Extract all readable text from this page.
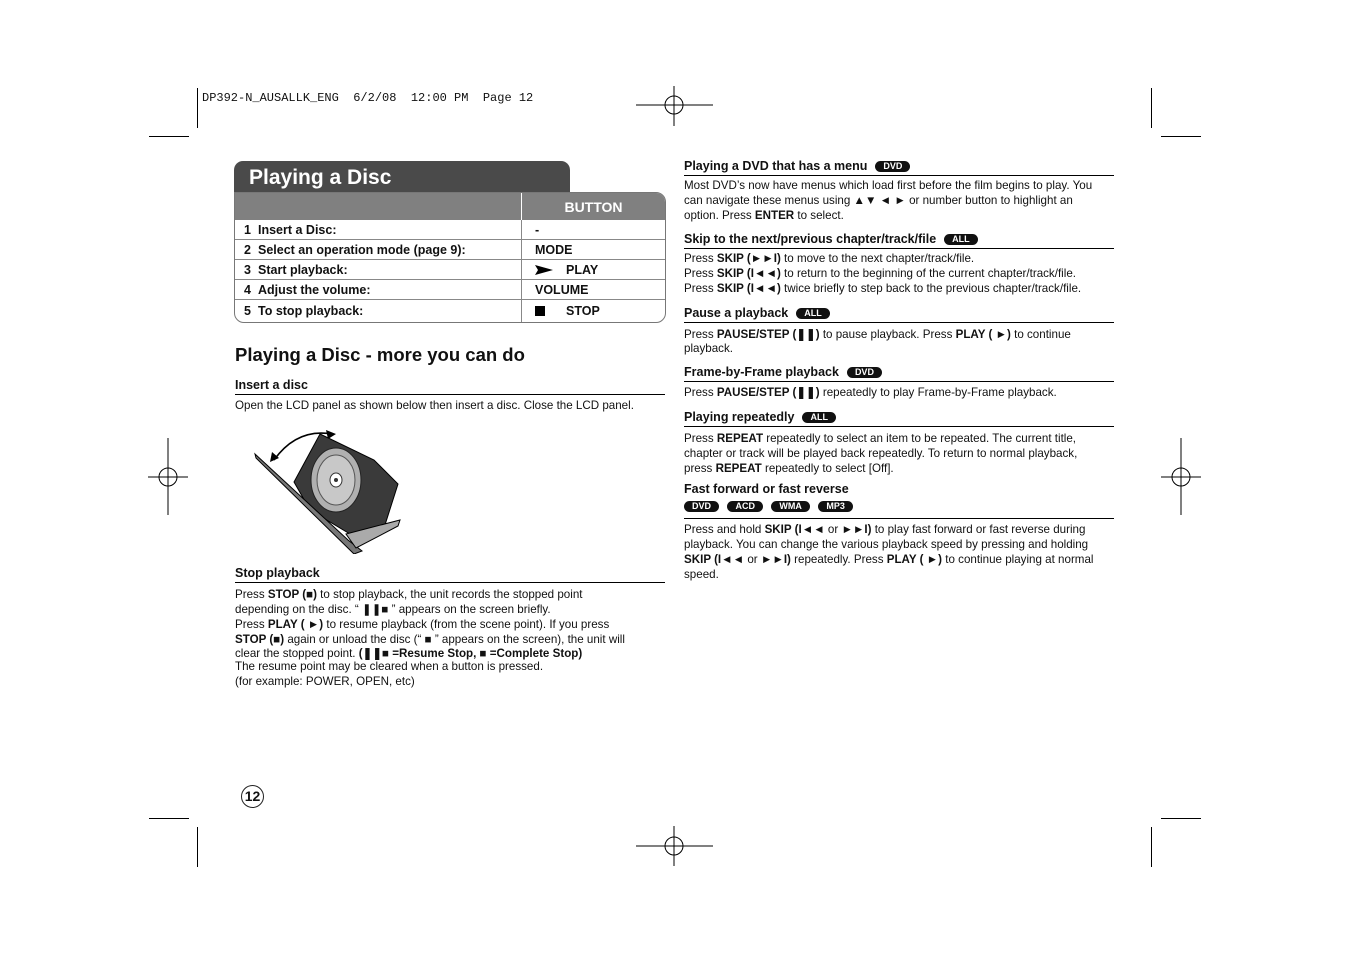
DP392-N_AUSALLK_ENG  6/2/08  12:00 PM  Page 12
Playing a Disc
	BUTTON
1 Insert a Disc:	-
2 Select an operation mode (page 9):	MODE
3 Start playback:	PLAY
4 Adjust the volume:	VOLUME
5 To stop playback:	STOP
Playing a Disc - more you can do
Insert a disc
Open the LCD panel as shown below then insert a disc. Close the LCD panel.
Stop playback
Press STOP (■) to stop playback, the unit records the stopped point
depending on the disc. “ ❚❚■ ” appears on the screen briefly.
Press PLAY ( ►) to resume playback (from the scene point). If you press
STOP (■) again or unload the disc (“ ■ ” appears on the screen), the unit will
clear the stopped point. (❚❚■ =Resume Stop, ■ =Complete Stop)
The resume point may be cleared when a button is pressed.
(for example: POWER, OPEN, etc)
Playing a DVD that has a menu DVD
Most DVD’s now have menus which load first before the film begins to play. You
can navigate these menus using ▲▼ ◄ ► or number button to highlight an
option. Press ENTER to select.
Skip to the next/previous chapter/track/file ALL
Press SKIP (►►I) to move to the next chapter/track/file.
Press SKIP (I◄◄) to return to the beginning of the current chapter/track/file.
Press SKIP (I◄◄) twice briefly to step back to the previous chapter/track/file.
Pause a playback ALL
Press PAUSE/STEP (❚❚) to pause playback. Press PLAY ( ►) to continue
playback.
Frame-by-Frame playback DVD
Press PAUSE/STEP (❚❚) repeatedly to play Frame-by-Frame playback.
Playing repeatedly ALL
Press REPEAT repeatedly to select an item to be repeated. The current title,
chapter or track will be played back repeatedly. To return to normal playback,
press REPEAT repeatedly to select [Off].
Fast forward or fast reverse
DVD	ACD	WMA	MP3
Press and hold SKIP (I◄◄ or ►►I) to play fast forward or fast reverse during
playback. You can change the various playback speed by pressing and holding
SKIP (I◄◄ or ►►I) repeatedly. Press PLAY ( ►) to continue playing at normal
speed.
12
